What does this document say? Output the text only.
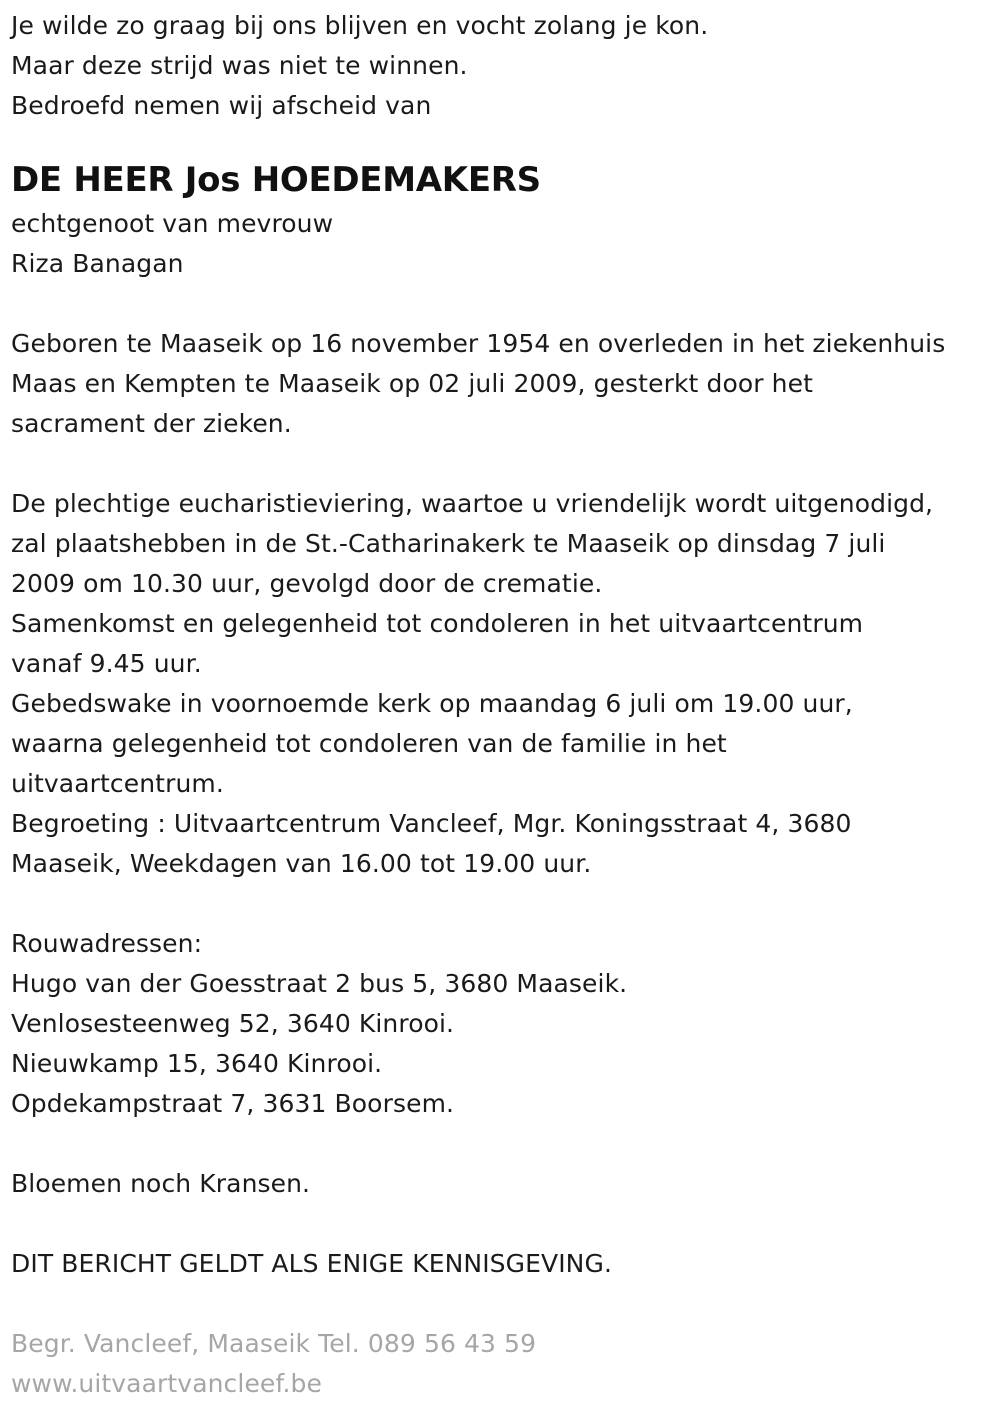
Je wilde zo graag bij ons blijven en vocht zolang je kon.
Maar deze strijd was niet te winnen.
Bedroefd nemen wij afscheid van
DE HEER Jos HOEDEMAKERS
echtgenoot van mevrouw
Riza Banagan
Geboren te Maaseik op 16 november 1954 en overleden in het ziekenhuis
Maas en Kempten te Maaseik op 02 juli 2009, gesterkt door het
sacrament der zieken.
De plechtige eucharistieviering, waartoe u vriendelijk wordt uitgenodigd,
zal plaatshebben in de St.-Catharinakerk te Maaseik op dinsdag 7 juli
2009 om 10.30 uur, gevolgd door de crematie.
Samenkomst en gelegenheid tot condoleren in het uitvaartcentrum
vanaf 9.45 uur.
Gebedswake in voornoemde kerk op maandag 6 juli om 19.00 uur,
waarna gelegenheid tot condoleren van de familie in het
uitvaartcentrum.
Begroeting : Uitvaartcentrum Vancleef, Mgr. Koningsstraat 4, 3680
Maaseik, Weekdagen van 16.00 tot 19.00 uur.
Rouwadressen:
Hugo van der Goesstraat 2 bus 5, 3680 Maaseik.
Venlosesteenweg 52, 3640 Kinrooi.
Nieuwkamp 15, 3640 Kinrooi.
Opdekampstraat 7, 3631 Boorsem.
Bloemen noch Kransen.
DIT BERICHT GELDT ALS ENIGE KENNISGEVING.
Begr. Vancleef, Maaseik Tel. 089 56 43 59
www.uitvaartvancleef.be
